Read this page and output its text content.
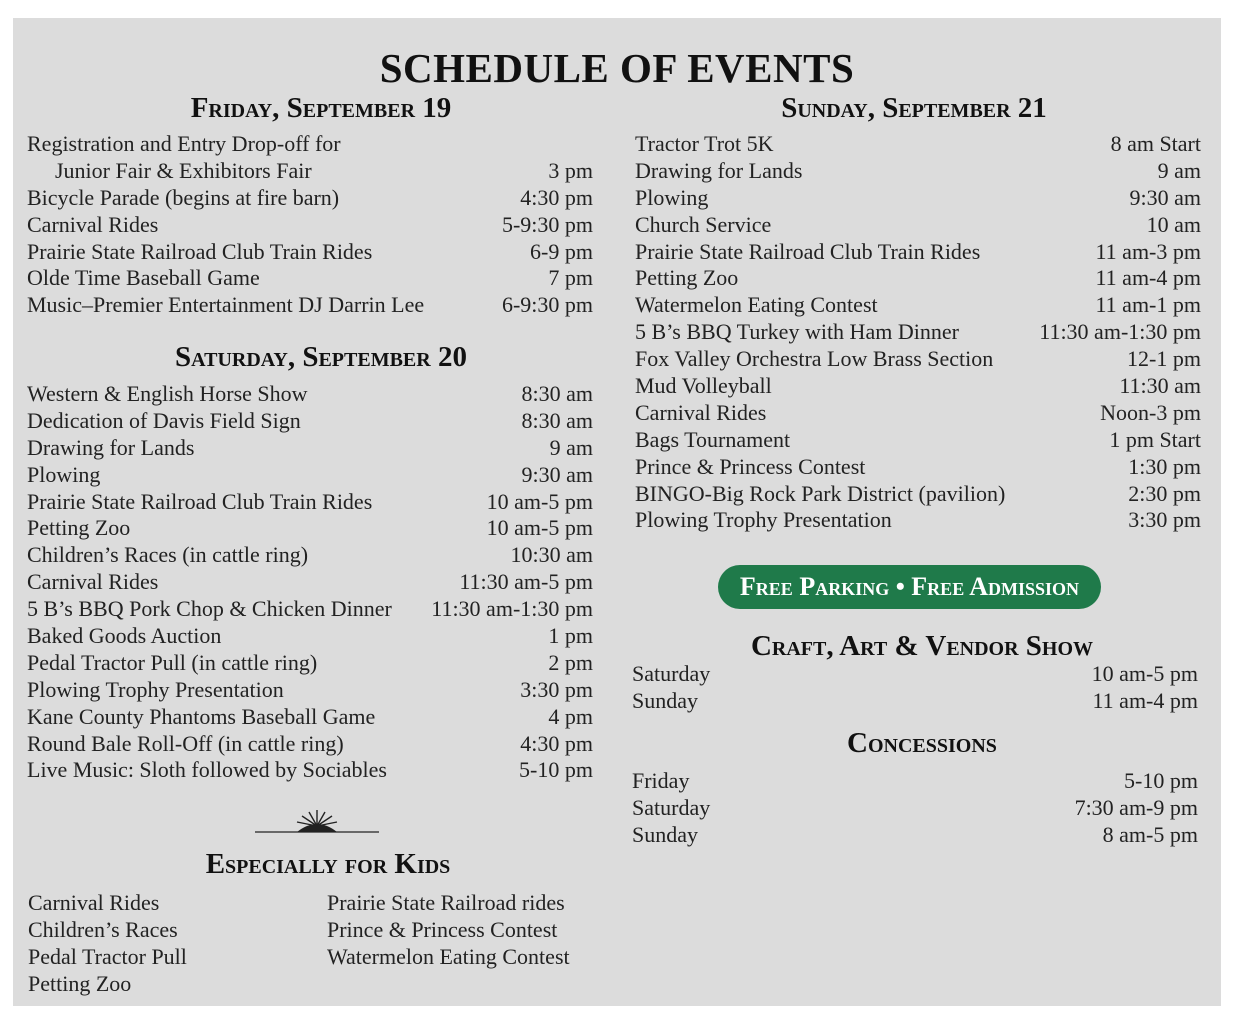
SCHEDULE OF EVENTS
Friday, September 19
Registration and Entry Drop-off for
Junior Fair & Exhibitors Fair	3 pm
Bicycle Parade (begins at fire barn)	4:30 pm
Carnival Rides	5-9:30 pm
Prairie State Railroad Club Train Rides	6-9 pm
Olde Time Baseball Game	7 pm
Music–Premier Entertainment DJ Darrin Lee	6-9:30 pm
Saturday, September 20
Western & English Horse Show	8:30 am
Dedication of Davis Field Sign	8:30 am
Drawing for Lands	9 am
Plowing	9:30 am
Prairie State Railroad Club Train Rides	10 am-5 pm
Petting Zoo	10 am-5 pm
Children’s Races (in cattle ring)	10:30 am
Carnival Rides	11:30 am-5 pm
5 B’s BBQ Pork Chop & Chicken Dinner 11:30 am-1:30 pm
Baked Goods Auction	1 pm
Pedal Tractor Pull (in cattle ring)	2 pm
Plowing Trophy Presentation	3:30 pm
Kane County Phantoms Baseball Game	4 pm
Round Bale Roll-Off (in cattle ring)	4:30 pm
Live Music: Sloth followed by Sociables	5-10 pm
Especially for Kids
Carnival Rides
Children’s Races
Pedal Tractor Pull
Petting Zoo
Prairie State Railroad rides
Prince & Princess Contest
Watermelon Eating Contest
Sunday, September 21
Tractor Trot 5K	8 am Start
Drawing for Lands	9 am
Plowing	9:30 am
Church Service	10 am
Prairie State Railroad Club Train Rides	11 am-3 pm
Petting Zoo	11 am-4 pm
Watermelon Eating Contest	11 am-1 pm
5 B’s BBQ Turkey with Ham Dinner	11:30 am-1:30 pm
Fox Valley Orchestra Low Brass Section	12-1 pm
Mud Volleyball	11:30 am
Carnival Rides	Noon-3 pm
Bags Tournament	1 pm Start
Prince & Princess Contest	1:30 pm
BINGO-Big Rock Park District (pavilion)	2:30 pm
Plowing Trophy Presentation	3:30 pm
Free Parking • Free Admission
Craft, Art & Vendor Show
Saturday	10 am-5 pm
Sunday	11 am-4 pm
Concessions
Friday	5-10 pm
Saturday	7:30 am-9 pm
Sunday	8 am-5 pm
